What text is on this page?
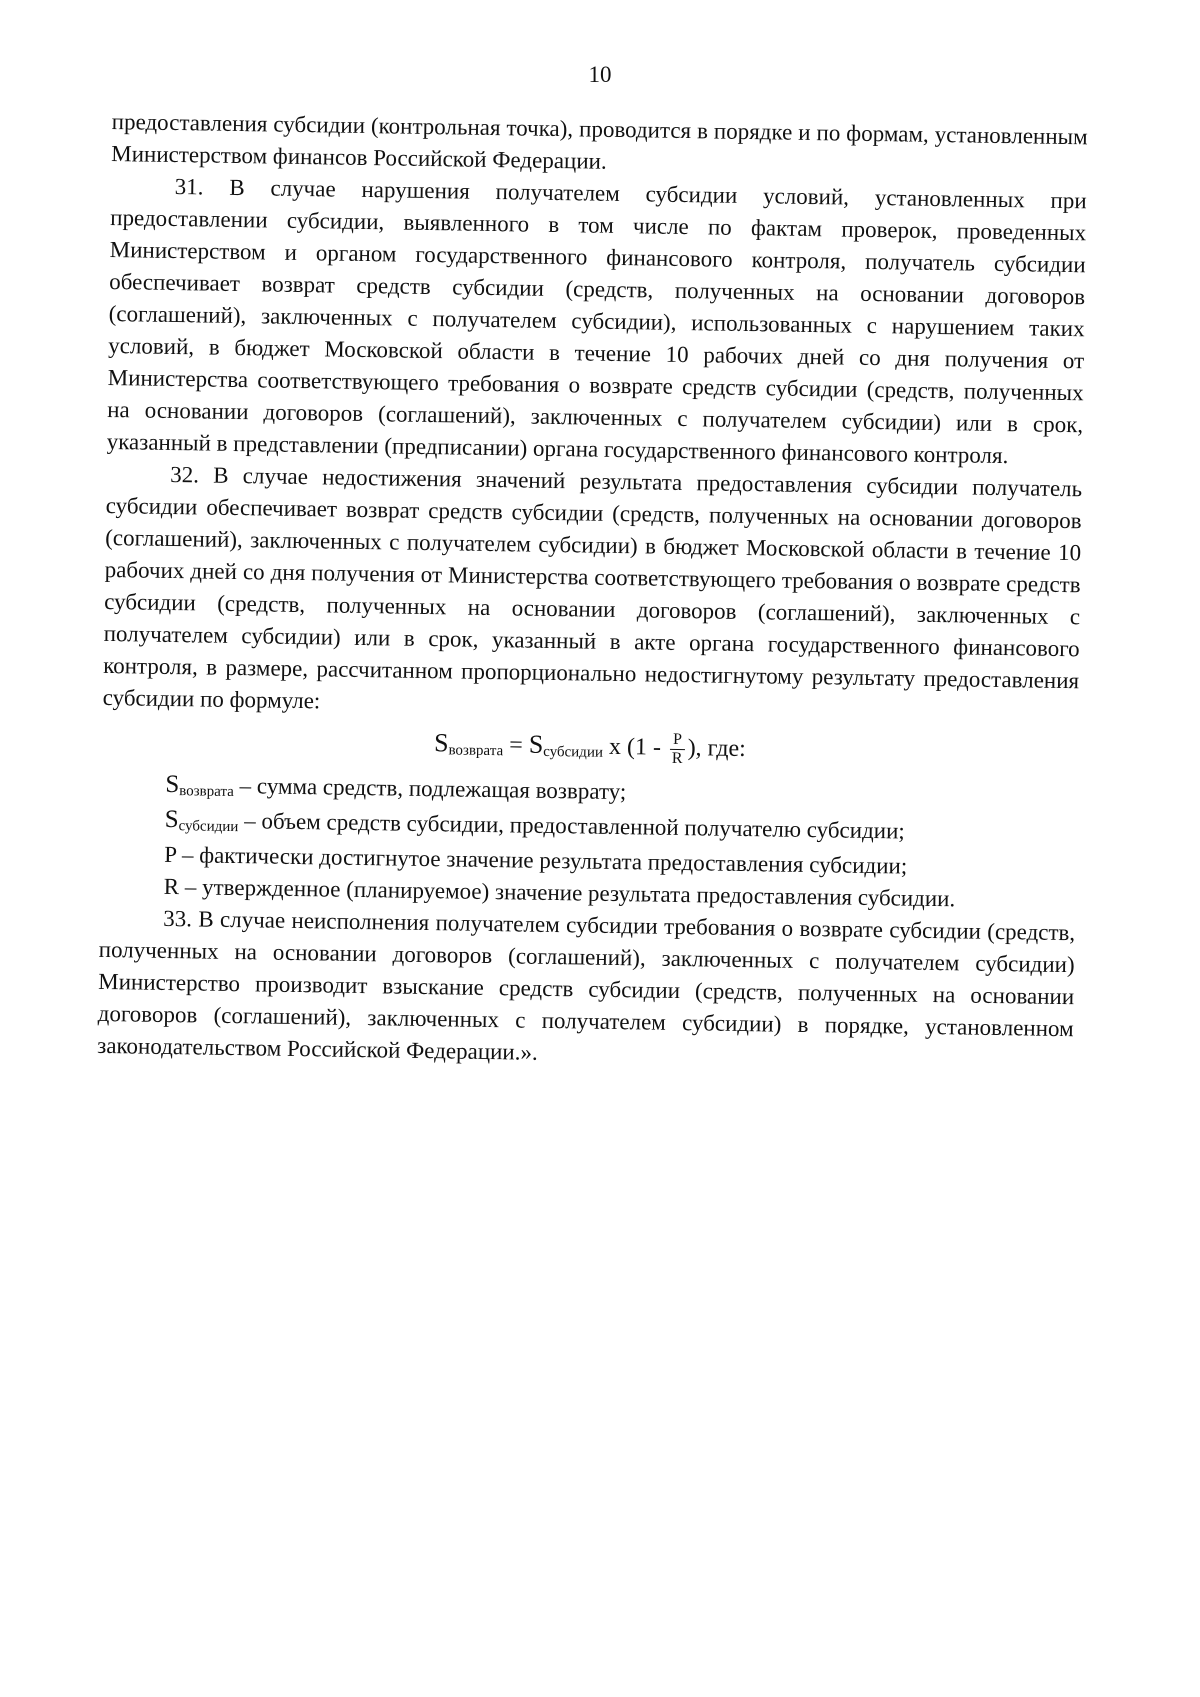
10

предоставления субсидии (контрольная точка), проводится в порядке и по формам, установленным Министерством финансов Российской Федерации.

31. В случае нарушения получателем субсидии условий, установленных при предоставлении субсидии, выявленного в том числе по фактам проверок, проведенных Министерством и органом государственного финансового контроля, получатель субсидии обеспечивает возврат средств субсидии (средств, полученных на основании договоров (соглашений), заключенных с получателем субсидии), использованных с нарушением таких условий, в бюджет Московской области в течение 10 рабочих дней со дня получения от Министерства соответствующего требования о возврате средств субсидии (средств, полученных на основании договоров (соглашений), заключенных с получателем субсидии) или в срок, указанный в представлении (предписании) органа государственного финансового контроля.

32. В случае недостижения значений результата предоставления субсидии получатель субсидии обеспечивает возврат средств субсидии (средств, полученных на основании договоров (соглашений), заключенных с получателем субсидии) в бюджет Московской области в течение 10 рабочих дней со дня получения от Министерства соответствующего требования о возврате средств субсидии (средств, полученных на основании договоров (соглашений), заключенных с получателем субсидии) или в срок, указанный в акте органа государственного финансового контроля, в размере, рассчитанном пропорционально недостигнутому результату предоставления субсидии по формуле:

Sвозврата = Sсубсидии х ($1 - \frac{P}{R}$ ), где:

Sвозврата – сумма средств, подлежащая возврату;

Sсубсидии – объем средств субсидии, предоставленной получателю субсидии;

P – фактически достигнутое значение результата предоставления субсидии;

R – утвержденное (планируемое) значение результата предоставления субсидии.

33. В случае неисполнения получателем субсидии требования о возврате субсидии (средств, полученных на основании договоров (соглашений), заключенных с получателем субсидии) Министерство производит взыскание средств субсидии (средств, полученных на основании договоров (соглашений), заключенных с получателем субсидии) в порядке, установленном законодательством Российской Федерации.».
